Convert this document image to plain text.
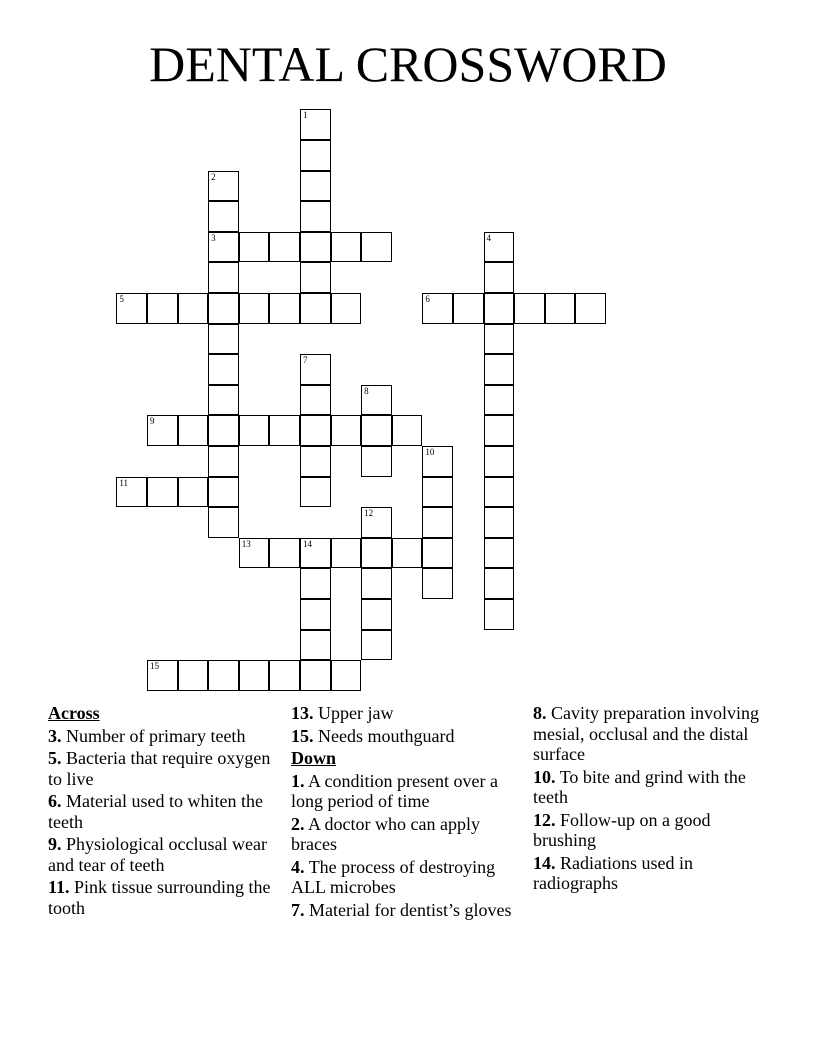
DENTAL CROSSWORD
1
2
3	4
5	6
7
8
9
10
11
12
13	14
15
Across
3. Number of primary teeth
5. Bacteria that require oxygen to live
6. Material used to whiten the teeth
9. Physiological occlusal wear and tear of teeth
11. Pink tissue surrounding the tooth
13. Upper jaw
15. Needs mouthguard
Down
1. A condition present over a long period of time
2. A doctor who can apply braces
4. The process of destroying ALL microbes
7. Material for dentist’s gloves
8. Cavity preparation involving mesial, occlusal and the distal surface
10. To bite and grind with the teeth
12. Follow-up on a good brushing
14. Radiations used in radiographs
